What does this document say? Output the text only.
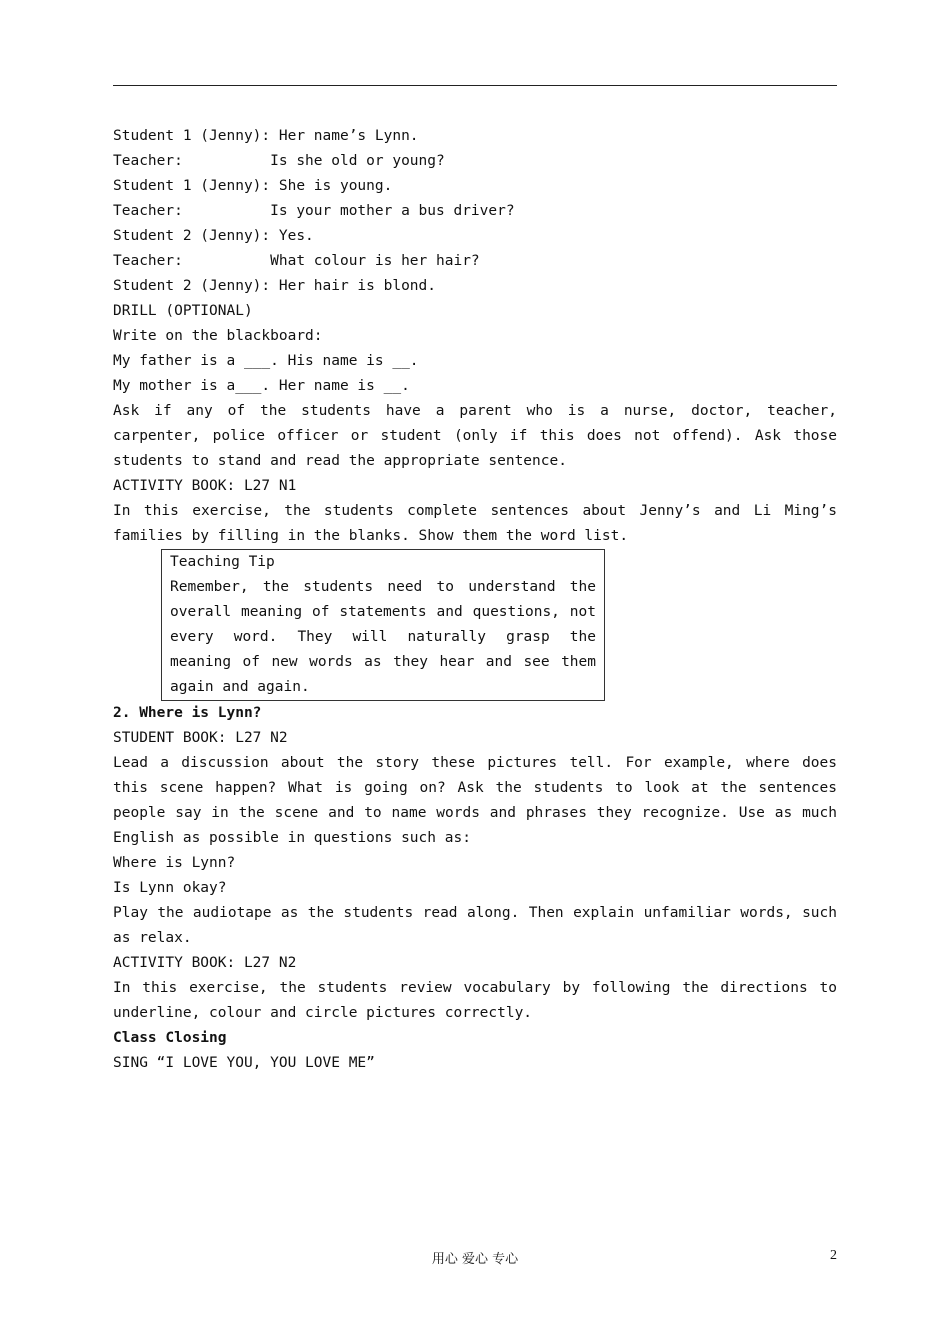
Student 1 (Jenny): Her name’s Lynn.
Teacher:          Is she old or young?
Student 1 (Jenny): She is young.
Teacher:          Is your mother a bus driver?
Student 2 (Jenny): Yes.
Teacher:          What colour is her hair?
Student 2 (Jenny): Her hair is blond.
DRILL (OPTIONAL)
Write on the blackboard:
My father is a ___. His name is __.
My mother is a___. Her name is __.
Ask if any of the students have a parent who is a nurse, doctor, teacher, carpenter, police officer or student (only if this does not offend). Ask those students to stand and read the appropriate sentence.
ACTIVITY BOOK: L27 N1
In this exercise, the students complete sentences about Jenny’s and Li Ming’s families by filling in the blanks. Show them the word list.
Teaching Tip
Remember, the students need to understand the overall meaning of statements and questions, not every word. They will naturally grasp the meaning of new words as they hear and see them again and again.
2. Where is Lynn?
STUDENT BOOK: L27 N2
Lead a discussion about the story these pictures tell. For example, where does this scene happen? What is going on? Ask the students to look at the sentences people say in the scene and to name words and phrases they recognize. Use as much English as possible in questions such as:
Where is Lynn?
Is Lynn okay?
Play the audiotape as the students read along. Then explain unfamiliar words, such as relax.
ACTIVITY BOOK: L27 N2
In this exercise, the students review vocabulary by following the directions to underline, colour and circle pictures correctly.
Class Closing
SING “I LOVE YOU, YOU LOVE ME”
用心 爱心 专心	2
